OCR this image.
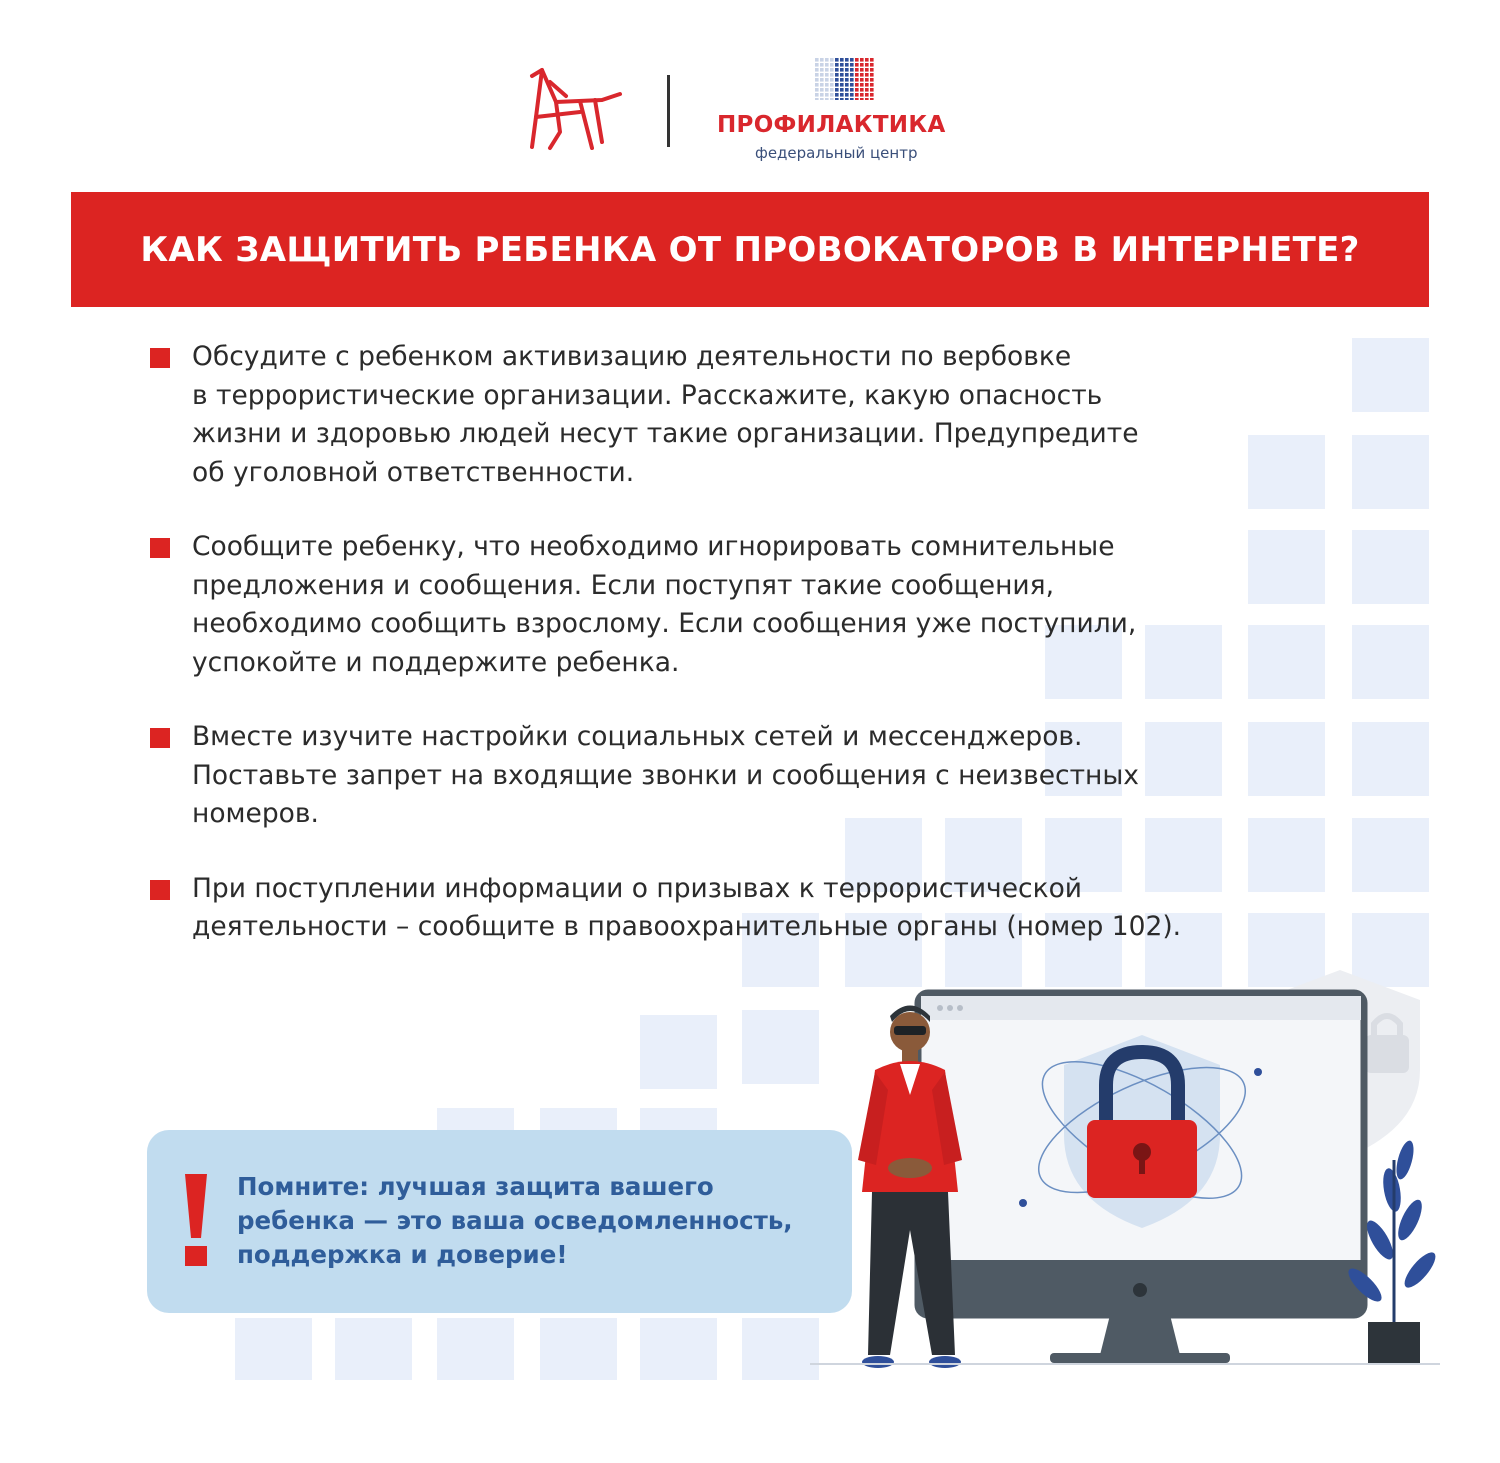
ПРОФИЛАКТИКА
федеральный центр
КАК ЗАЩИТИТЬ РЕБЕНКА ОТ ПРОВОКАТОРОВ В ИНТЕРНЕТЕ?

Обсудите с ребенком активизацию деятельности по вербовке
в террористические организации. Расскажите, какую опасность
жизни и здоровью людей несут такие организации. Предупредите
об уголовной ответственности.

Сообщите ребенку, что необходимо игнорировать сомнительные
предложения и сообщения. Если поступят такие сообщения,
необходимо сообщить взрослому. Если сообщения уже поступили,
успокойте и поддержите ребенка.

Вместе изучите настройки социальных сетей и мессенджеров.
Поставьте запрет на входящие звонки и сообщения с неизвестных
номеров.

При поступлении информации о призывах к террористической
деятельности – сообщите в правоохранительные органы (номер 102).

Помните: лучшая защита вашего
ребенка — это ваша осведомленность,
поддержка и доверие!
